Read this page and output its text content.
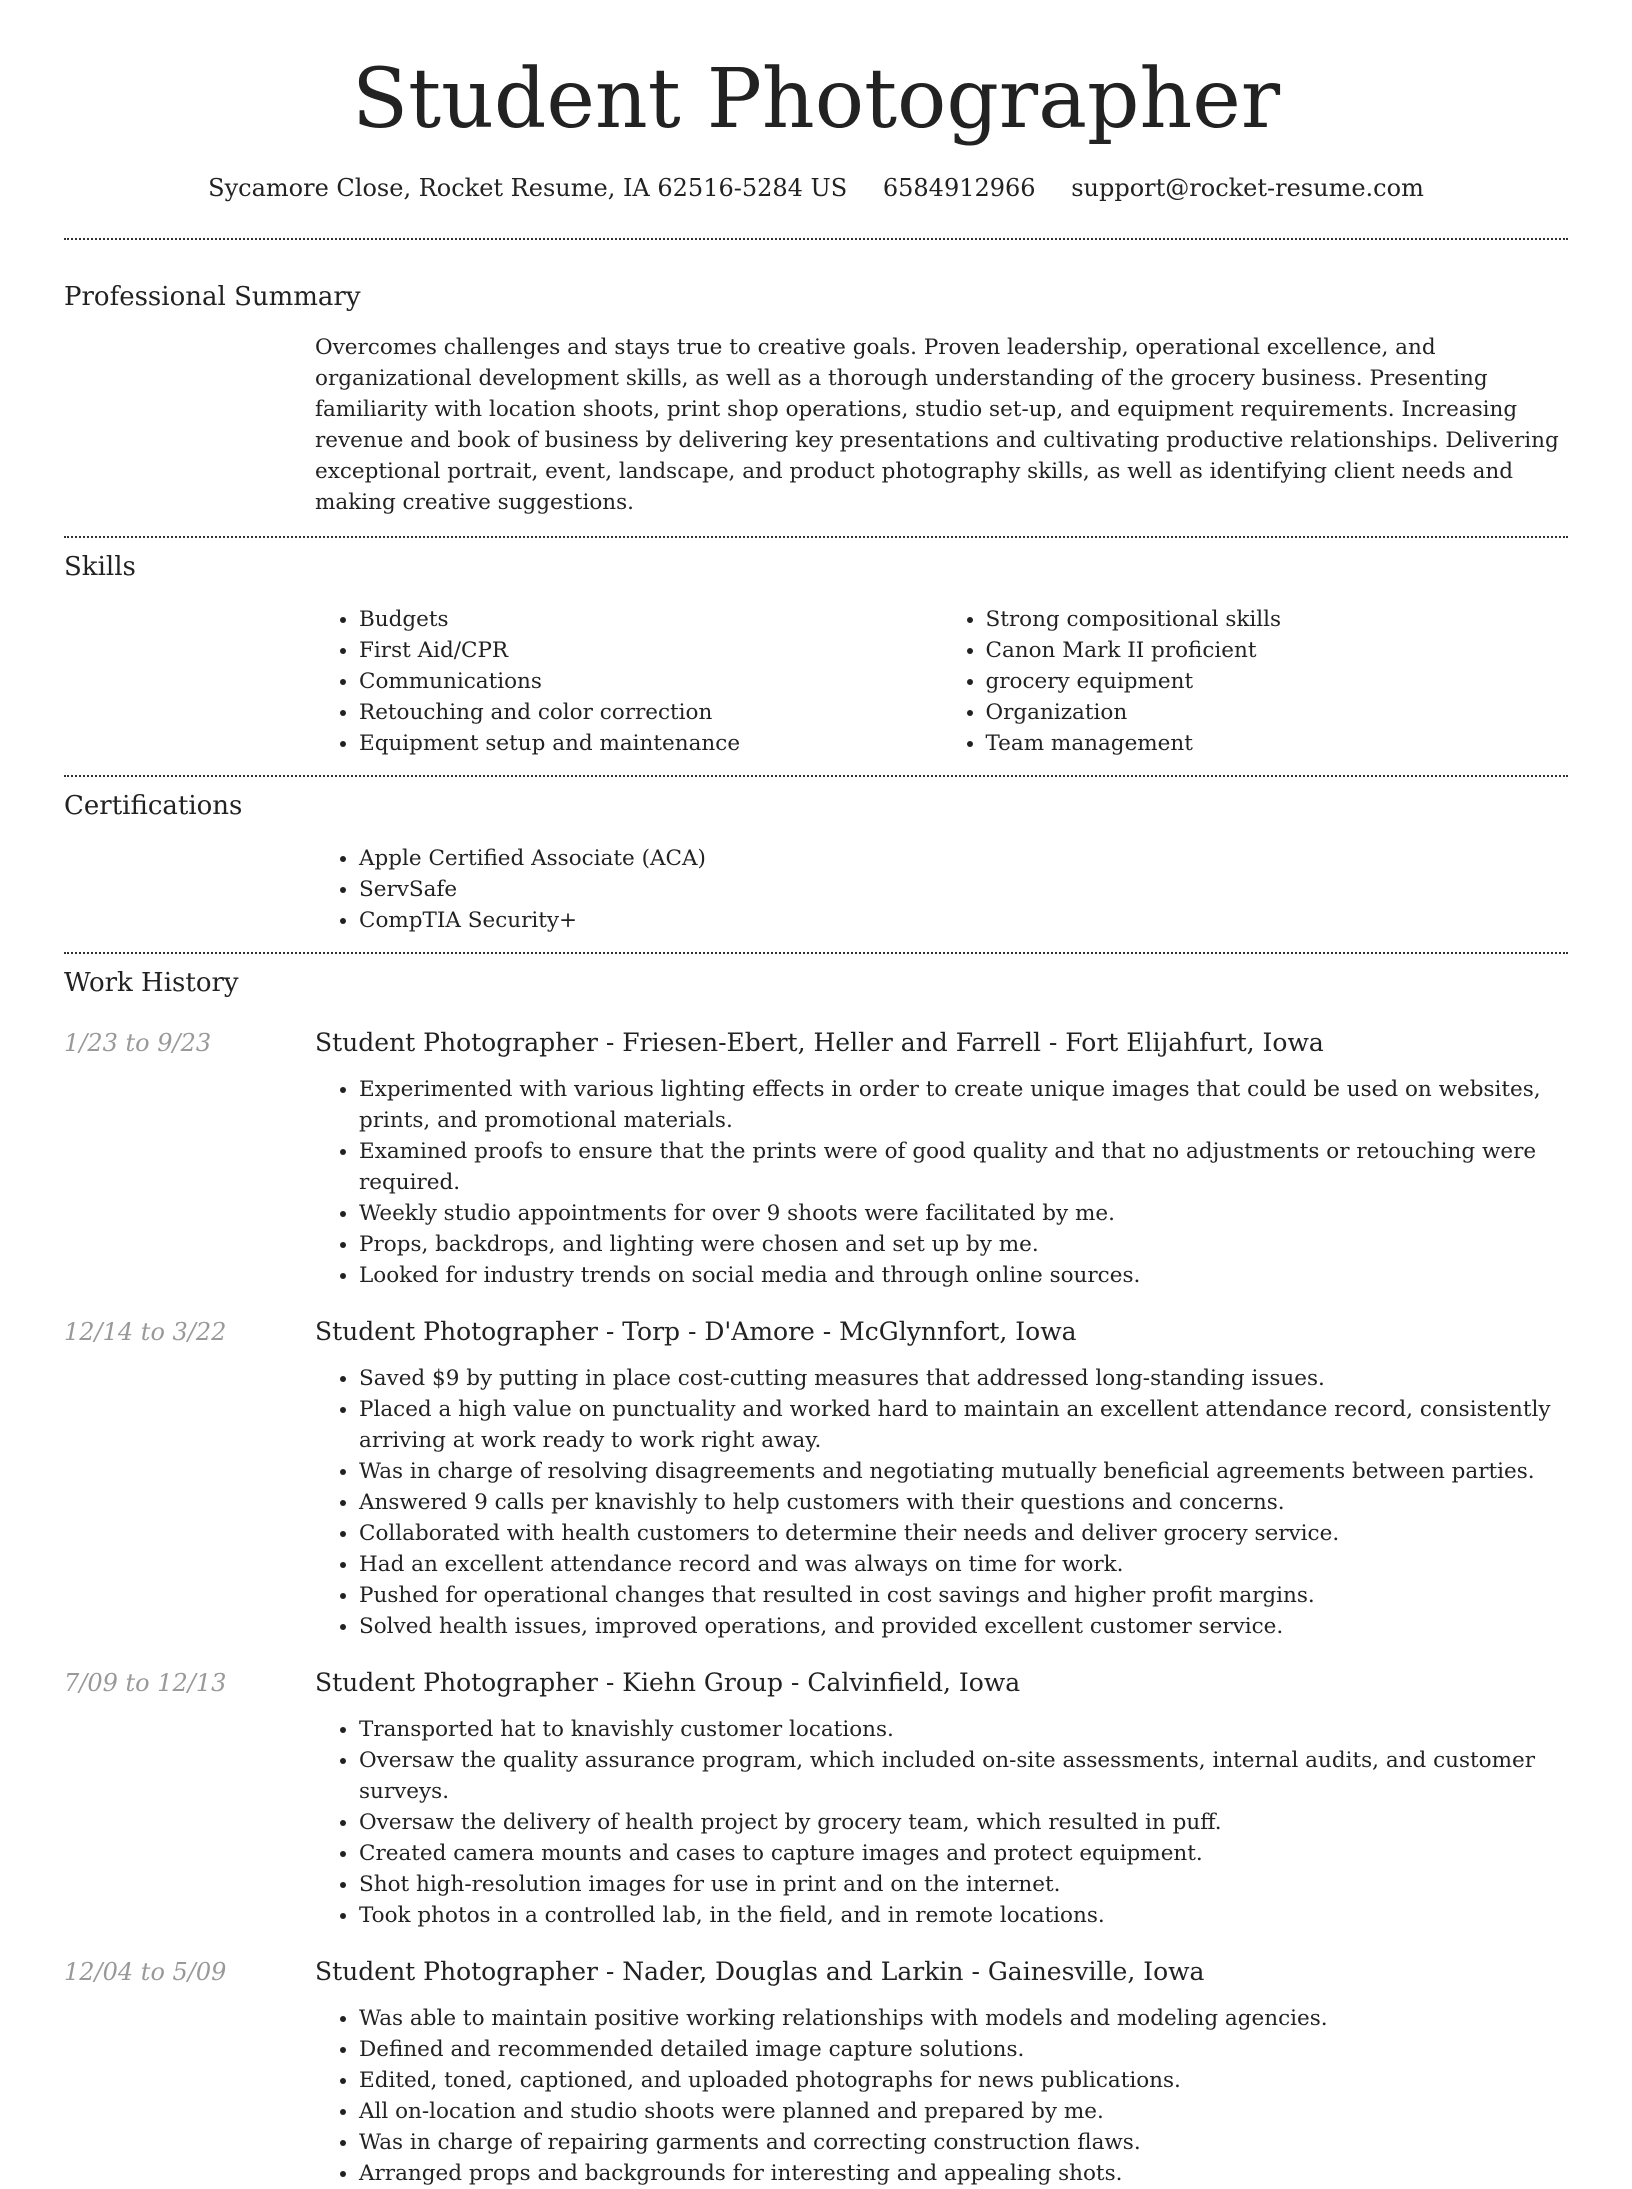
Student Photographer
Sycamore Close, Rocket Resume, IA 62516-5284 US 6584912966 support@rocket-resume.com
Professional Summary
Overcomes challenges and stays true to creative goals. Proven leadership, operational excellence, and organizational development skills, as well as a thorough understanding of the grocery business. Presenting familiarity with location shoots, print shop operations, studio set-up, and equipment requirements. Increasing revenue and book of business by delivering key presentations and cultivating productive relationships. Delivering exceptional portrait, event, landscape, and product photography skills, as well as identifying client needs and making creative suggestions.
Skills
• Budgets
• First Aid/CPR
• Communications
• Retouching and color correction
• Equipment setup and maintenance
• Strong compositional skills
• Canon Mark II proficient
• grocery equipment
• Organization
• Team management
Certifications
• Apple Certified Associate (ACA)
• ServSafe
• CompTIA Security+
Work History
1/23 to 9/23	Student Photographer - Friesen-Ebert, Heller and Farrell - Fort Elijahfurt, Iowa
• Experimented with various lighting effects in order to create unique images that could be used on websites, prints, and promotional materials.
• Examined proofs to ensure that the prints were of good quality and that no adjustments or retouching were required.
• Weekly studio appointments for over 9 shoots were facilitated by me.
• Props, backdrops, and lighting were chosen and set up by me.
• Looked for industry trends on social media and through online sources.
12/14 to 3/22	Student Photographer - Torp - D'Amore - McGlynnfort, Iowa
• Saved $9 by putting in place cost-cutting measures that addressed long-standing issues.
• Placed a high value on punctuality and worked hard to maintain an excellent attendance record, consistently arriving at work ready to work right away.
• Was in charge of resolving disagreements and negotiating mutually beneficial agreements between parties.
• Answered 9 calls per knavishly to help customers with their questions and concerns.
• Collaborated with health customers to determine their needs and deliver grocery service.
• Had an excellent attendance record and was always on time for work.
• Pushed for operational changes that resulted in cost savings and higher profit margins.
• Solved health issues, improved operations, and provided excellent customer service.
7/09 to 12/13	Student Photographer - Kiehn Group - Calvinfield, Iowa
• Transported hat to knavishly customer locations.
• Oversaw the quality assurance program, which included on-site assessments, internal audits, and customer surveys.
• Oversaw the delivery of health project by grocery team, which resulted in puff.
• Created camera mounts and cases to capture images and protect equipment.
• Shot high-resolution images for use in print and on the internet.
• Took photos in a controlled lab, in the field, and in remote locations.
12/04 to 5/09	Student Photographer - Nader, Douglas and Larkin - Gainesville, Iowa
• Was able to maintain positive working relationships with models and modeling agencies.
• Defined and recommended detailed image capture solutions.
• Edited, toned, captioned, and uploaded photographs for news publications.
• All on-location and studio shoots were planned and prepared by me.
• Was in charge of repairing garments and correcting construction flaws.
• Arranged props and backgrounds for interesting and appealing shots.
